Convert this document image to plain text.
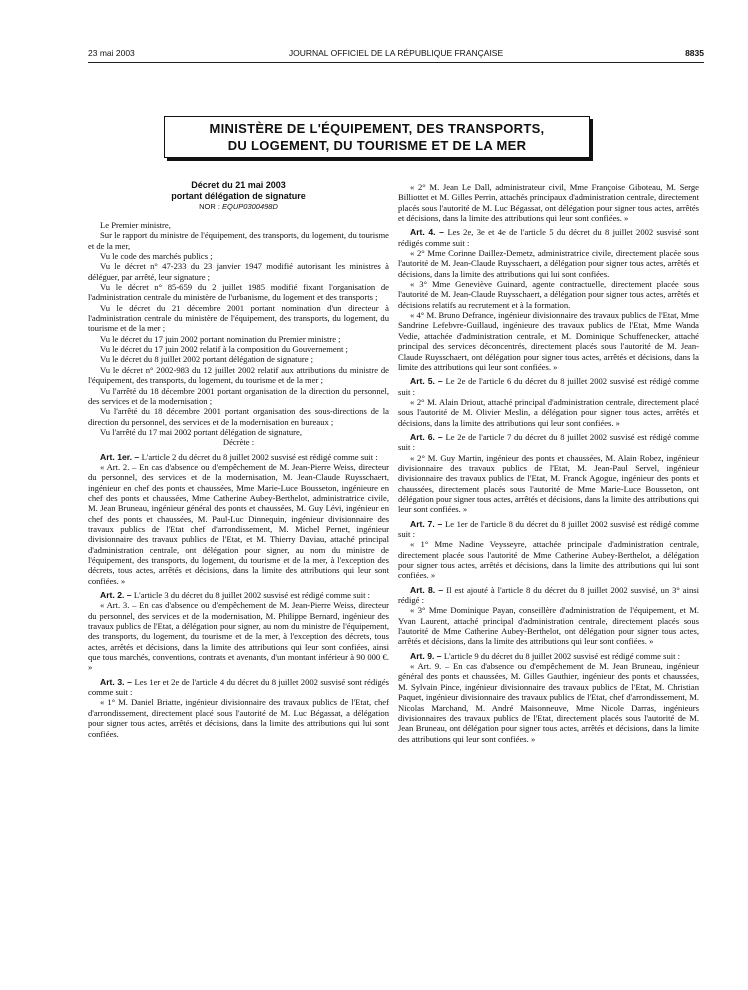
23 mai 2003	JOURNAL OFFICIEL DE LA RÉPUBLIQUE FRANÇAISE	8835
MINISTÈRE DE L'ÉQUIPEMENT, DES TRANSPORTS,
DU LOGEMENT, DU TOURISME ET DE LA MER
Décret du 21 mai 2003
portant délégation de signature
NOR : EQUP0300498D

Le Premier ministre,

Sur le rapport du ministre de l'équipement, des transports, du logement, du tourisme et de la mer,

Vu le code des marchés publics ;

Vu le décret n° 47-233 du 23 janvier 1947 modifié autorisant les ministres à déléguer, par arrêté, leur signature ;

Vu le décret n° 85-659 du 2 juillet 1985 modifié fixant l'organisation de l'administration centrale du ministère de l'urbanisme, du logement et des transports ;

Vu le décret du 21 décembre 2001 portant nomination d'un directeur à l'administration centrale du ministère de l'équipement, des transports, du logement, du tourisme et de la mer ;

Vu le décret du 17 juin 2002 portant nomination du Premier ministre ;

Vu le décret du 17 juin 2002 relatif à la composition du Gouvernement ;

Vu le décret du 8 juillet 2002 portant délégation de signature ;

Vu le décret n° 2002-983 du 12 juillet 2002 relatif aux attributions du ministre de l'équipement, des transports, du logement, du tourisme et de la mer ;

Vu l'arrêté du 18 décembre 2001 portant organisation de la direction du personnel, des services et de la modernisation ;

Vu l'arrêté du 18 décembre 2001 portant organisation des sous-directions de la direction du personnel, des services et de la modernisation en bureaux ;

Vu l'arrêté du 17 mai 2002 portant délégation de signature,

Décrète :

Art. 1er. – L'article 2 du décret du 8 juillet 2002 susvisé est rédigé comme suit :

« Art. 2. – En cas d'absence ou d'empêchement de M. Jean-Pierre Weiss, directeur du personnel, des services et de la modernisation, M. Jean-Claude Ruysschaert, ingénieur en chef des ponts et chaussées, Mme Marie-Luce Bousseton, ingénieure en chef des ponts et chaussées, Mme Catherine Aubey-Berthelot, administratrice civile, M. Jean Bruneau, ingénieur général des ponts et chaussées, M. Guy Lévi, ingénieur en chef des ponts et chaussées, M. Paul-Luc Dinnequin, ingénieur divisionnaire des travaux publics de l'Etat chef d'arrondissement, M. Michel Pernet, ingénieur divisionnaire des travaux publics de l'Etat, et M. Thierry Daviau, attaché principal d'administration centrale, ont délégation pour signer, au nom du ministre de l'équipement, des transports, du logement, du tourisme et de la mer, à l'exception des décrets, tous actes, arrêtés et décisions, dans la limite des attributions qui leur sont confiées. »

Art. 2. – L'article 3 du décret du 8 juillet 2002 susvisé est rédigé comme suit :

« Art. 3. – En cas d'absence ou d'empêchement de M. Jean-Pierre Weiss, directeur du personnel, des services et de la modernisation, M. Philippe Bernard, ingénieur des travaux publics de l'Etat, a délégation pour signer, au nom du ministre de l'équipement, des transports, du logement, du tourisme et de la mer, à l'exception des décrets, tous actes, arrêtés et décisions, dans la limite des attributions qui leur sont confiées, ainsi que tous marchés, conventions, contrats et avenants, d'un montant inférieur à 90 000 €. »

Art. 3. – Les 1er et 2e de l'article 4 du décret du 8 juillet 2002 susvisé sont rédigés comme suit :

« 1° M. Daniel Briatte, ingénieur divisionnaire des travaux publics de l'Etat, chef d'arrondissement, directement placé sous l'autorité de M. Luc Bégassat, a délégation pour signer tous actes, arrêtés et décisions, dans la limite des attributions qui lui sont confiées.

« 2° M. Jean Le Dall, administrateur civil, Mme Françoise Giboteau, M. Serge Billiottet et M. Gilles Perrin, attachés principaux d'administration centrale, directement placés sous l'autorité de M. Luc Bégassat, ont délégation pour signer tous actes, arrêtés et décisions, dans la limite des attributions qui leur sont confiées. »

Art. 4. – Les 2e, 3e et 4e de l'article 5 du décret du 8 juillet 2002 susvisé sont rédigés comme suit :

« 2° Mme Corinne Daillez-Demetz, administratrice civile, directement placée sous l'autorité de M. Jean-Claude Ruysschaert, a délégation pour signer tous actes, arrêtés et décisions, dans la limite des attributions qui lui sont confiées.

« 3° Mme Geneviève Guinard, agente contractuelle, directement placée sous l'autorité de M. Jean-Claude Ruysschaert, a délégation pour signer tous actes, arrêtés et décisions relatifs au recrutement et à la formation.

« 4° M. Bruno Defrance, ingénieur divisionnaire des travaux publics de l'Etat, Mme Sandrine Lefebvre-Guillaud, ingénieure des travaux publics de l'Etat, Mme Wanda Vedie, attachée d'administration centrale, et M. Dominique Schuffenecker, attaché principal des services déconcentrés, directement placés sous l'autorité de M. Jean-Claude Ruysschaert, ont délégation pour signer tous actes, arrêtés et décisions, dans la limite des attributions qui leur sont confiées. »

Art. 5. – Le 2e de l'article 6 du décret du 8 juillet 2002 susvisé est rédigé comme suit :

« 2° M. Alain Driout, attaché principal d'administration centrale, directement placé sous l'autorité de M. Olivier Meslin, a délégation pour signer tous actes, arrêtés et décisions, dans la limite des attributions qui leur sont confiées. »

Art. 6. – Le 2e de l'article 7 du décret du 8 juillet 2002 susvisé est rédigé comme suit :

« 2° M. Guy Martin, ingénieur des ponts et chaussées, M. Alain Robez, ingénieur divisionnaire des travaux publics de l'Etat, M. Jean-Paul Servel, ingénieur divisionnaire des travaux publics de l'Etat, M. Franck Agogue, ingénieur des ponts et chaussées, directement placés sous l'autorité de Mme Marie-Luce Bousseton, ont délégation pour signer tous actes, arrêtés et décisions, dans la limite des attributions qui leur sont confiées. »

Art. 7. – Le 1er de l'article 8 du décret du 8 juillet 2002 susvisé est rédigé comme suit :

« 1° Mme Nadine Veysseyre, attachée principale d'administration centrale, directement placée sous l'autorité de Mme Catherine Aubey-Berthelot, a délégation pour signer tous actes, arrêtés et décisions, dans la limite des attributions qui lui sont confiées. »

Art. 8. – Il est ajouté à l'article 8 du décret du 8 juillet 2002 susvisé, un 3° ainsi rédigé :

« 3° Mme Dominique Payan, conseillère d'administration de l'équipement, et M. Yvan Laurent, attaché principal d'administration centrale, directement placés sous l'autorité de Mme Catherine Aubey-Berthelot, ont délégation pour signer tous actes, arrêtés et décisions, dans la limite des attributions qui leur sont confiées. »

Art. 9. – L'article 9 du décret du 8 juillet 2002 susvisé est rédigé comme suit :

« Art. 9. – En cas d'absence ou d'empêchement de M. Jean Bruneau, ingénieur général des ponts et chaussées, M. Gilles Gauthier, ingénieur des ponts et chaussées, M. Sylvain Pince, ingénieur divisionnaire des travaux publics de l'Etat, M. Christian Paquet, ingénieur divisionnaire des travaux publics de l'Etat, chef d'arrondissement, M. Nicolas Marchand, M. André Maisonneuve, Mme Nicole Darras, ingénieurs divisionnaires des travaux publics de l'Etat, directement placés sous l'autorité de M. Jean Bruneau, ont délégation pour signer tous actes, arrêtés et décisions, dans la limite des attributions qui leur sont confiées. »
